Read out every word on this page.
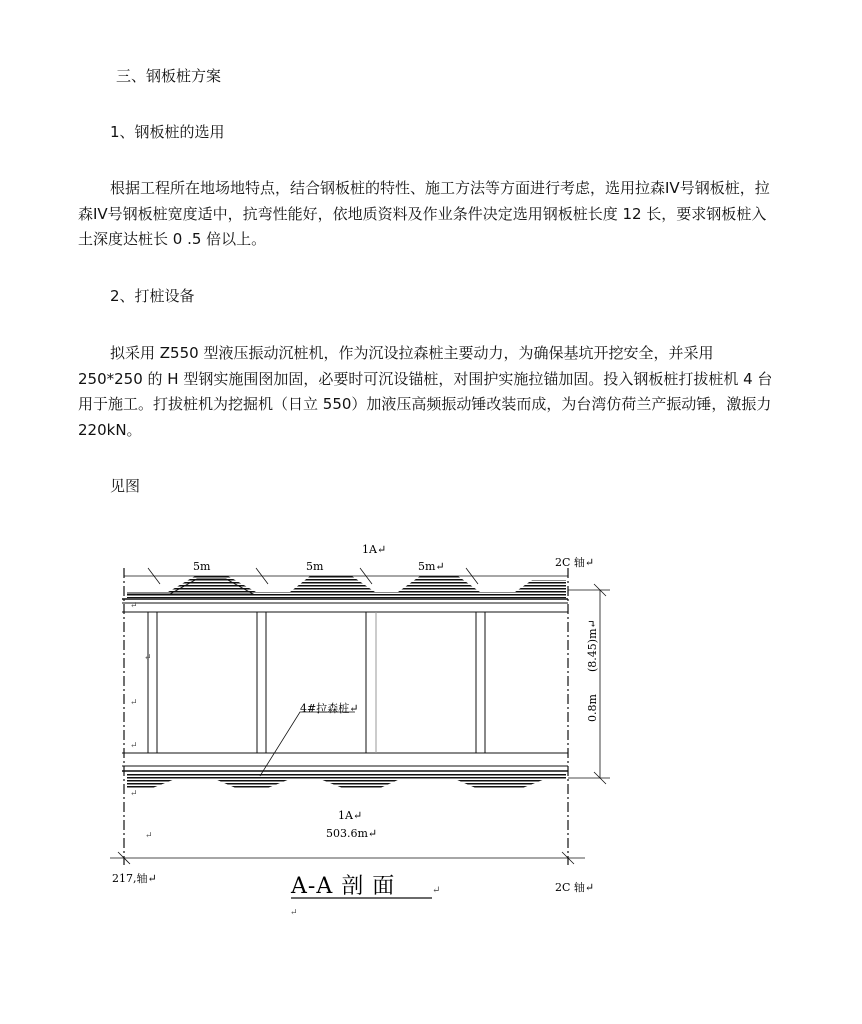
三、钢板桩方案
1、钢板桩的选用

根据工程所在地场地特点，结合钢板桩的特性、施工方法等方面进行考虑，选用拉森IV号钢板桩，拉森IV号钢板桩宽度适中，抗弯性能好，依地质资料及作业条件决定选用钢板桩长度 12 长，要求钢板桩入土深度达桩长 0 .5 倍以上。

2、打桩设备

拟采用 Z550 型液压振动沉桩机，作为沉设拉森桩主要动力，为确保基坑开挖安全，并采用 250*250 的 H 型钢实施围囹加固，必要时可沉设锚桩，对围护实施拉锚加固。投入钢板桩打拔桩机 4 台用于施工。打拔桩机为挖掘机（日立 550）加液压高频振动锤改装而成，为台湾仿荷兰产振动锤，激振力 220kN。

见图
↵
↵
↵
↵
↵
↵
↵
1A↵
5m	5m	5m↵	2C 轴↵
(8.45)m↵
0.8m
4#拉森桩↵
1A↵
503.6m↵
217,轴↵	A-A 剖 面	↵	2C 轴↵
